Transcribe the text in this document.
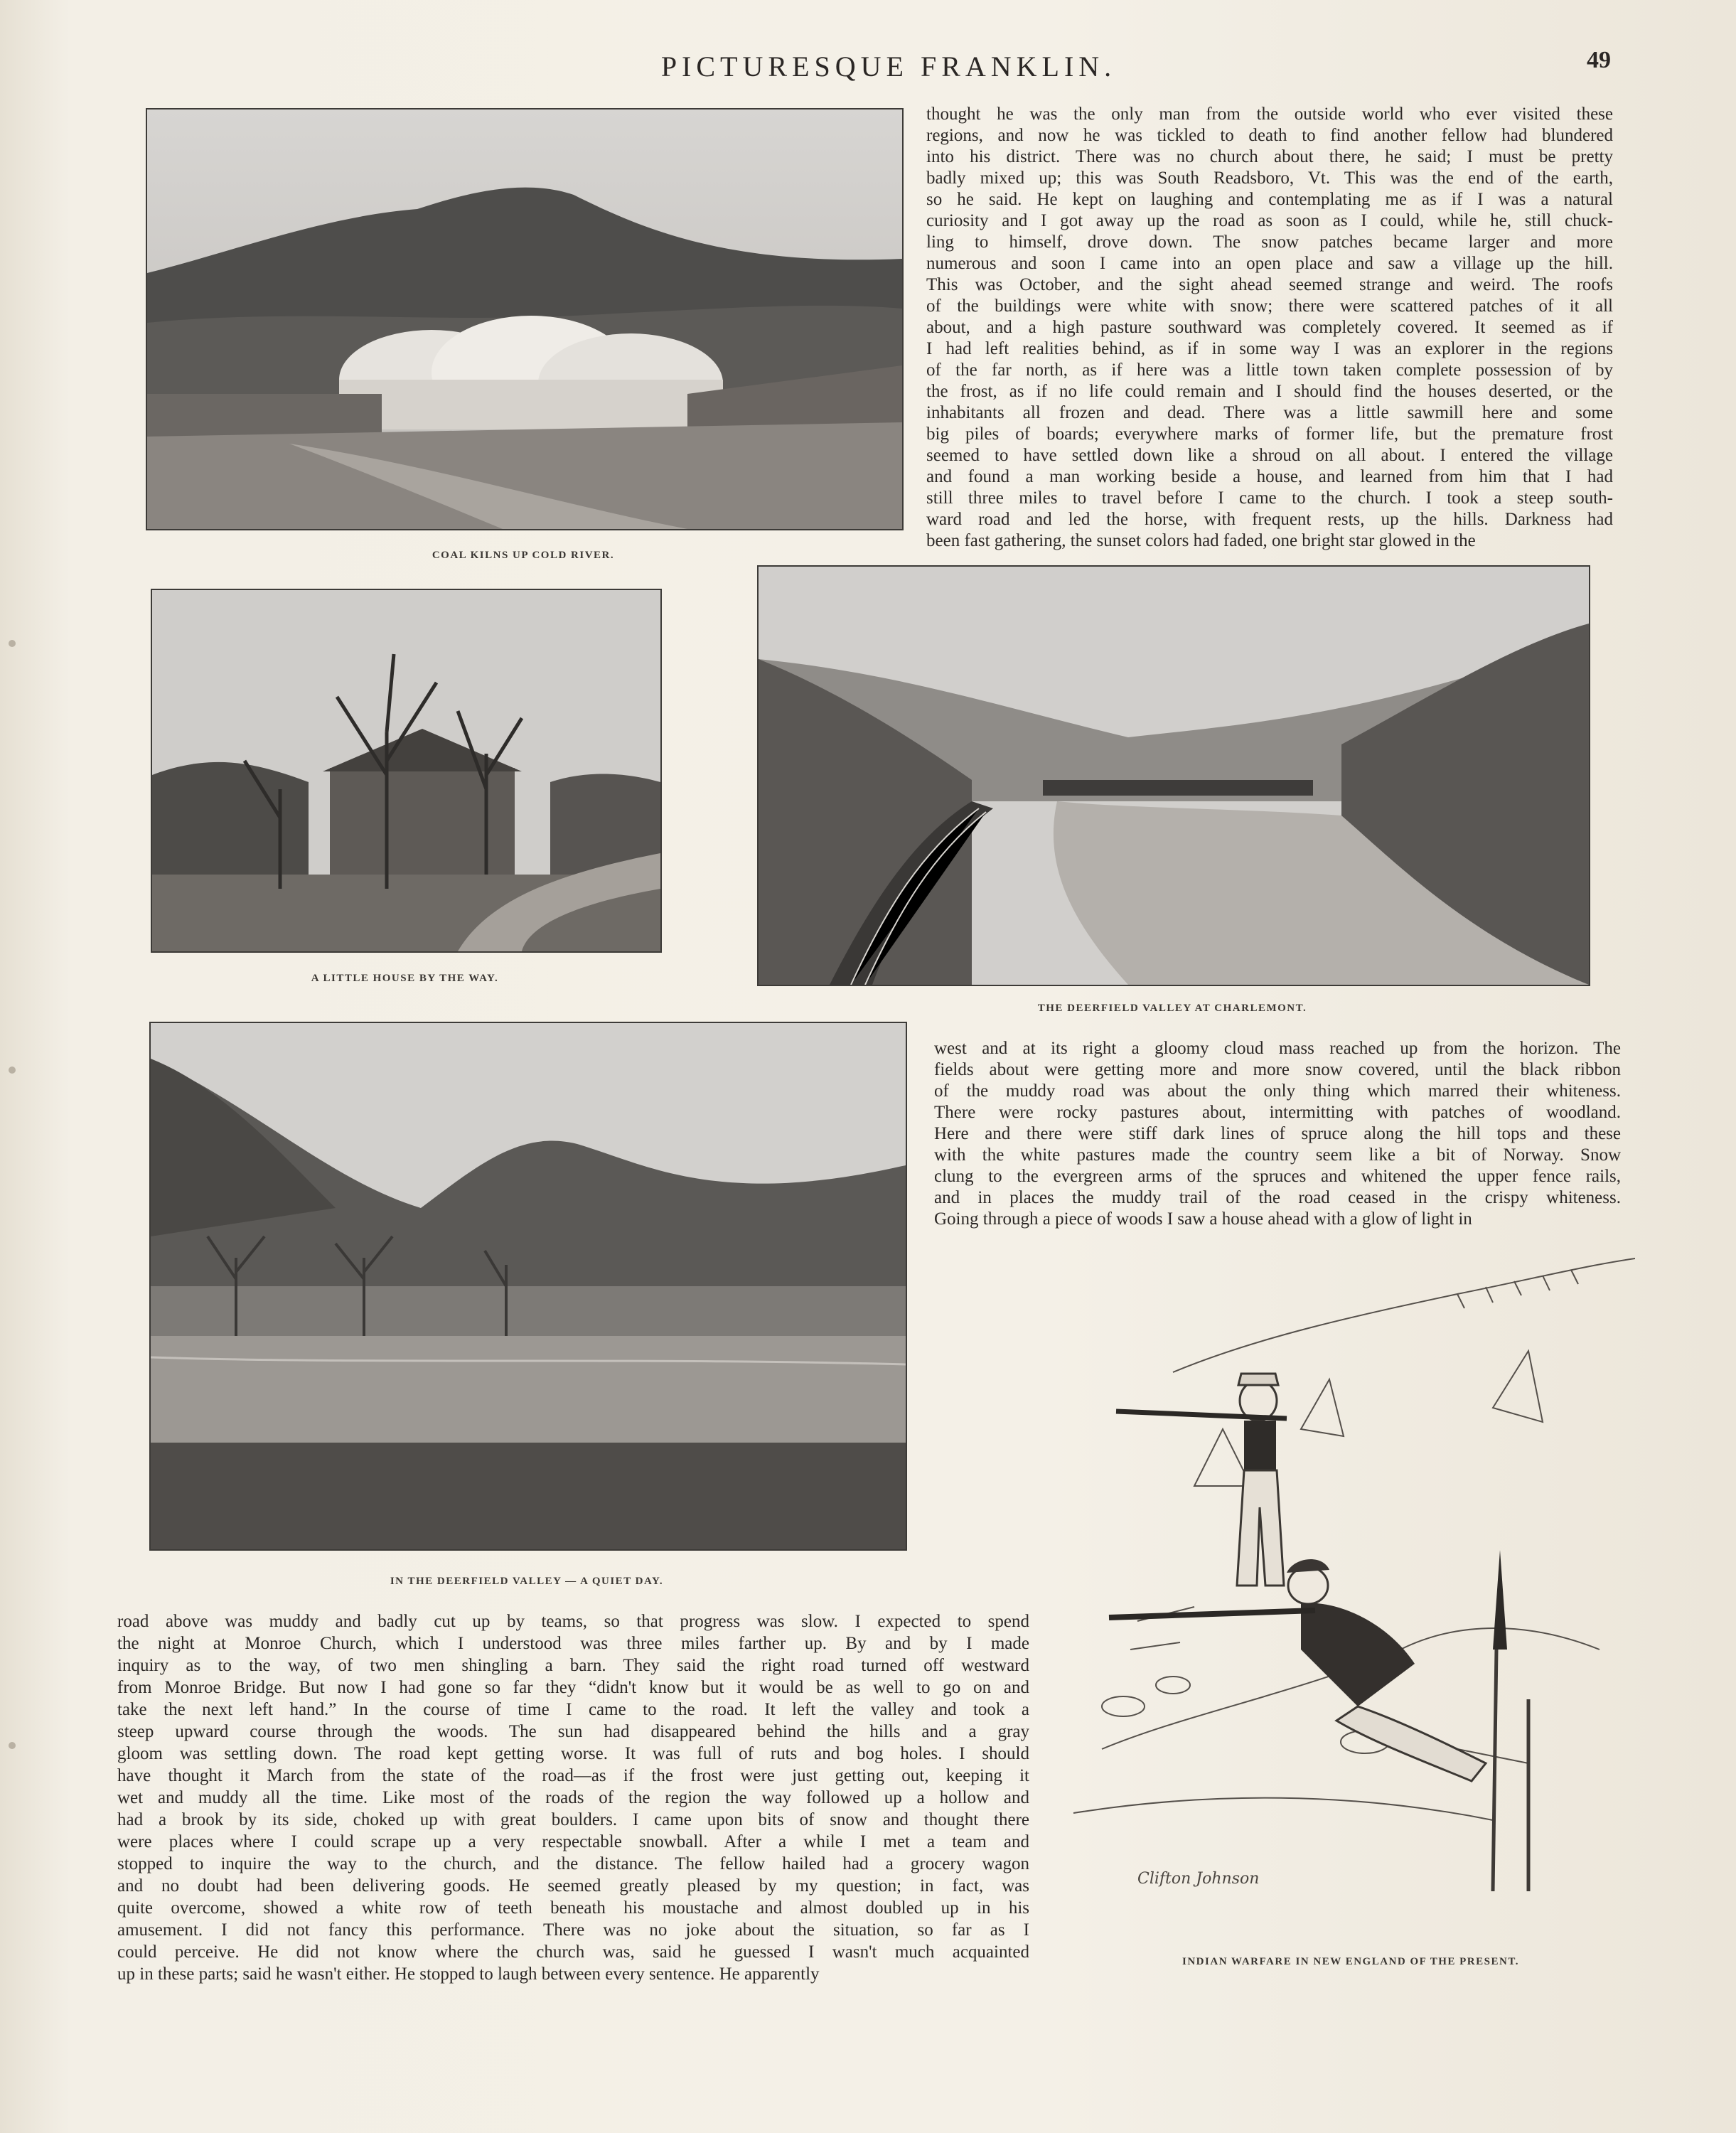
PICTURESQUE FRANKLIN.	49
COAL KILNS UP COLD RIVER.
thought he was the only man from the outside world who ever visited these
regions, and now he was tickled to death to find another fellow had blundered
into his district. There was no church about there, he said; I must be pretty
badly mixed up; this was South Readsboro, Vt. This was the end of the earth,
so he said. He kept on laughing and contemplating me as if I was a natural
curiosity and I got away up the road as soon as I could, while he, still chuck-
ling to himself, drove down. The snow patches became larger and more
numerous and soon I came into an open place and saw a village up the hill.
This was October, and the sight ahead seemed strange and weird. The roofs
of the buildings were white with snow; there were scattered patches of it all
about, and a high pasture southward was completely covered. It seemed as if
I had left realities behind, as if in some way I was an explorer in the regions
of the far north, as if here was a little town taken complete possession of by
the frost, as if no life could remain and I should find the houses deserted, or the
inhabitants all frozen and dead. There was a little sawmill here and some
big piles of boards; everywhere marks of former life, but the premature frost
seemed to have settled down like a shroud on all about. I entered the village
and found a man working beside a house, and learned from him that I had
still three miles to travel before I came to the church. I took a steep south-
ward road and led the horse, with frequent rests, up the hills. Darkness had
been fast gathering, the sunset colors had faded, one bright star glowed in the
A LITTLE HOUSE BY THE WAY.
THE DEERFIELD VALLEY AT CHARLEMONT.
IN THE DEERFIELD VALLEY — A QUIET DAY.
west and at its right a gloomy cloud mass reached up from the horizon. The
fields about were getting more and more snow covered, until the black ribbon
of the muddy road was about the only thing which marred their whiteness.
There were rocky pastures about, intermitting with patches of woodland.
Here and there were stiff dark lines of spruce along the hill tops and these
with the white pastures made the country seem like a bit of Norway. Snow
clung to the evergreen arms of the spruces and whitened the upper fence rails,
and in places the muddy trail of the road ceased in the crispy whiteness.
Going through a piece of woods I saw a house ahead with a glow of light in
Clifton Johnson
INDIAN WARFARE IN NEW ENGLAND OF THE PRESENT.
road above was muddy and badly cut up by teams, so that progress was slow. I expected to spend
the night at Monroe Church, which I understood was three miles farther up. By and by I made
inquiry as to the way, of two men shingling a barn. They said the right road turned off westward
from Monroe Bridge. But now I had gone so far they “didn't know but it would be as well to go on and
take the next left hand.” In the course of time I came to the road. It left the valley and took a
steep upward course through the woods. The sun had disappeared behind the hills and a gray
gloom was settling down. The road kept getting worse. It was full of ruts and bog holes. I should
have thought it March from the state of the road—as if the frost were just getting out, keeping it
wet and muddy all the time. Like most of the roads of the region the way followed up a hollow and
had a brook by its side, choked up with great boulders. I came upon bits of snow and thought there
were places where I could scrape up a very respectable snowball. After a while I met a team and
stopped to inquire the way to the church, and the distance. The fellow hailed had a grocery wagon
and no doubt had been delivering goods. He seemed greatly pleased by my question; in fact, was
quite overcome, showed a white row of teeth beneath his moustache and almost doubled up in his
amusement. I did not fancy this performance. There was no joke about the situation, so far as I
could perceive. He did not know where the church was, said he guessed I wasn't much acquainted
up in these parts; said he wasn't either. He stopped to laugh between every sentence. He apparently
